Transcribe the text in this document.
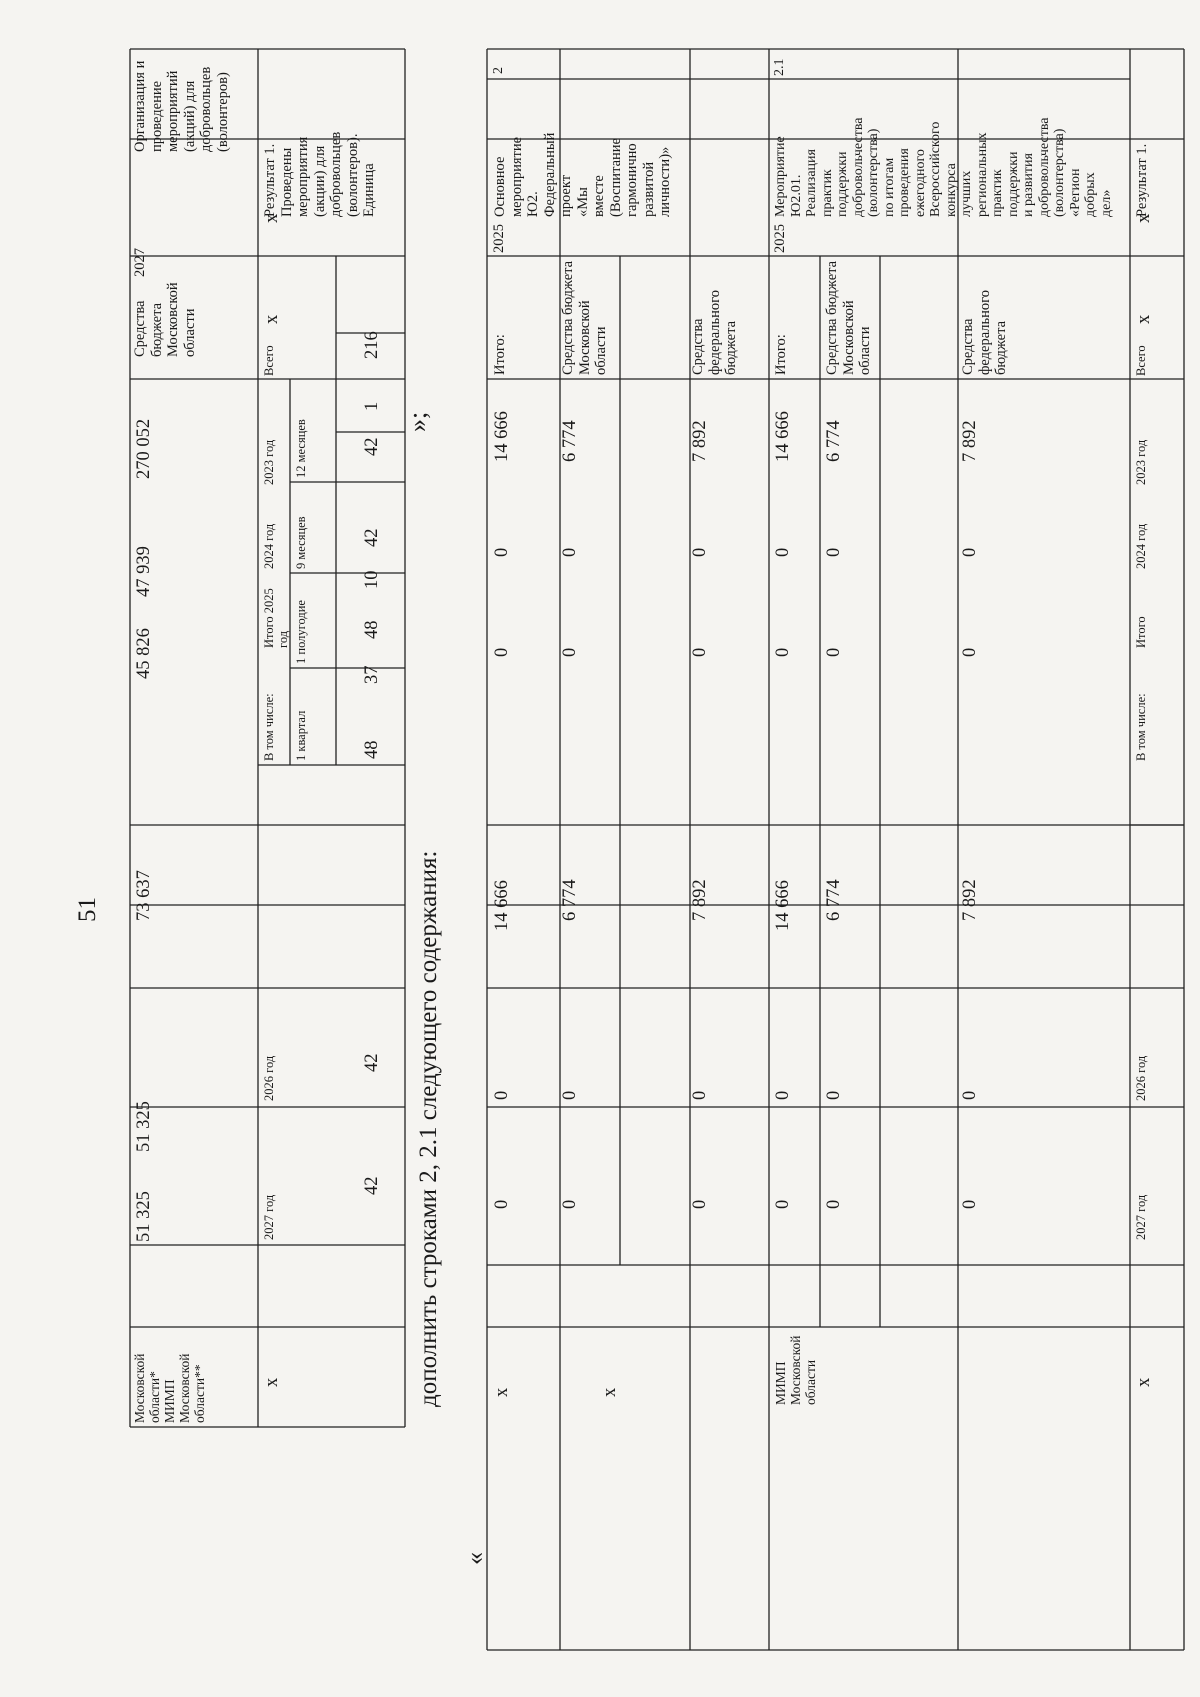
51	дополнить строками 2, 2.1 следующего содержания:
«
»;
Организация и проведение мероприятий (акций) для добровольцев (волонтеров)
2027
Средства бюджета Московской области
270 052
47 939
45 826
73 637
51 325
51 325
Московской области* МИМП Московской области**
Результат 1. Проведены мероприятия (акции) для добровольцев (волонтеров). Единица
x
x
Всего
2023 год
2024 год
Итого 2025 год
В том числе: 1 квартал
1 полугодие
9 месяцев
12 месяцев
2026 год
2027 год
216
42
42
48
1
10
37
48
42
42
x
2
Основное мероприятие Ю2. Федеральный проект «Мы вместе (Воспитание гармонично развитой личности)»
2025
Итого:
14 666
0
0
14 666
0
0
x
Средства бюджета Московской области
6 774
0
0
6 774
0
0
x
Средства федерального бюджета
7 892
0
0
7 892
0
0
2.1
Мероприятие Ю2.01. Реализация практик поддержки добровольчества (волонтерства) по итогам проведения ежегодного Всероссийского конкурса лучших региональных практик поддержки и развития добровольчества (волонтерства) «Регион добрых дел»
2025
Итого:
14 666
0
0
14 666
0
0
МИМП Московской области
Средства бюджета Московской области
6 774
0
0
6 774
0
0
Средства федерального бюджета
7 892
0
0
7 892
0
0
Результат 1.
x
x
Всего
2023 год
2024 год
Итого
В том числе:
2026 год
2027 год
x
